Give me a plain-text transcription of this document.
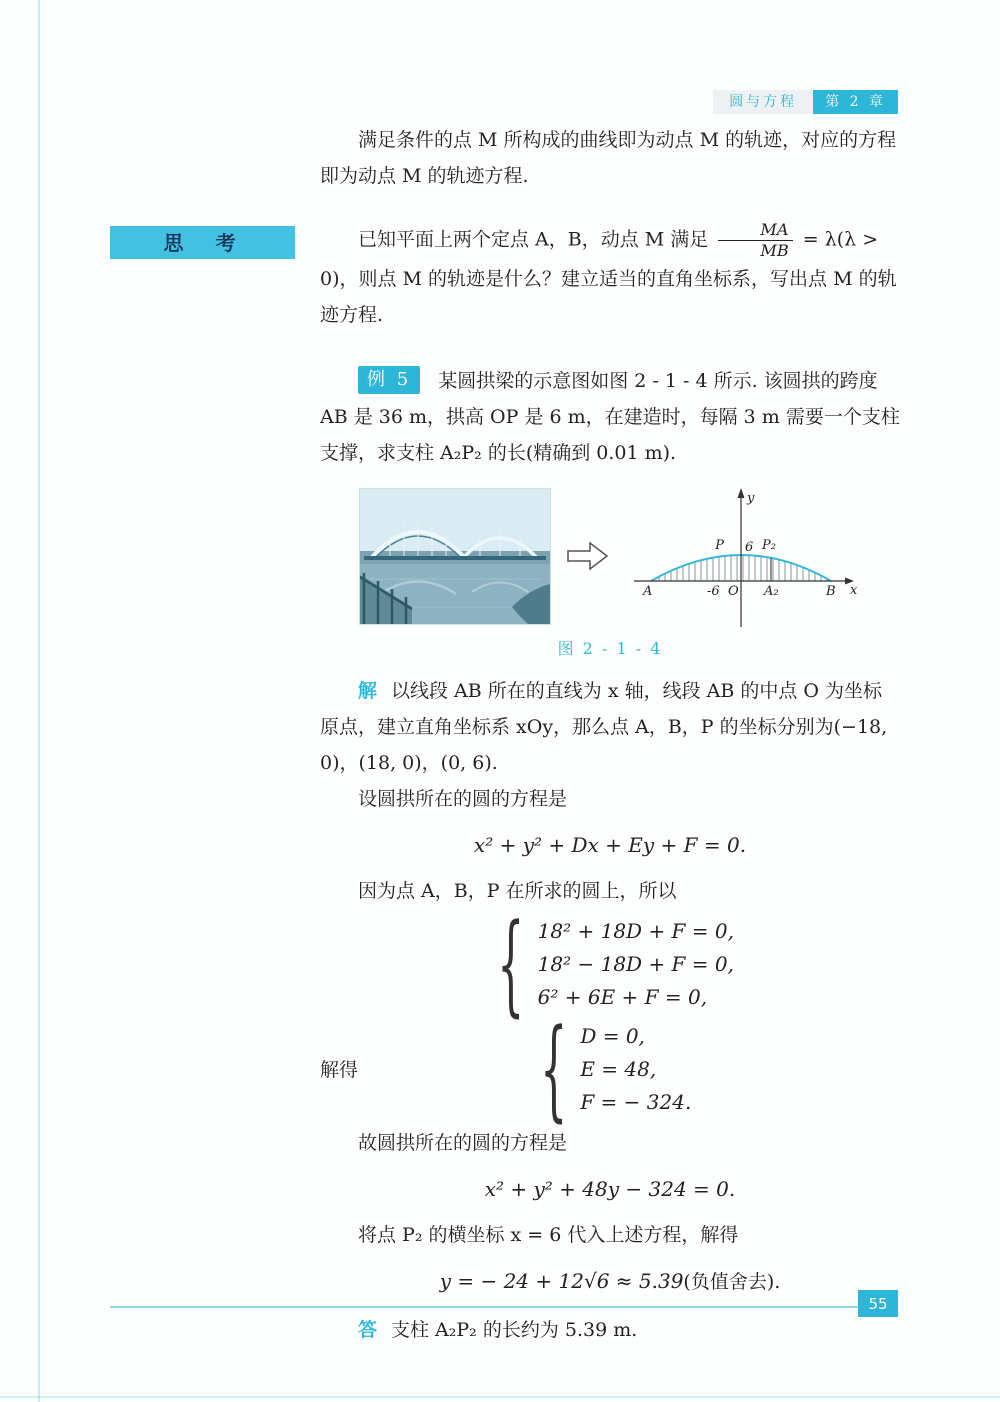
圆与方程	第 2 章

满足条件的点 M 所构成的曲线即为动点 M 的轨迹，对应的方程即为动点 M 的轨迹方程.

思　考	已知平面上两个定点 A，B，动点 M 满足 $\frac{MA}{MB} = \lambda(\lambda > 0)$，则点 M 的轨迹是什么？建立适当的直角坐标系，写出点 M 的轨迹方程.

例 5 某圆拱梁的示意图如图 2 - 1 - 4 所示. 该圆拱的跨度 AB 是 36 m，拱高 OP 是 6 m，在建造时，每隔 3 m 需要一个支柱支撑，求支柱 A₂P₂ 的长(精确到 0.01 m).

y
x
P 6 P₂
A	-6 O A₂	B
图 2 - 1 - 4

解 以线段 AB 所在的直线为 x 轴，线段 AB 的中点 O 为坐标原点，建立直角坐标系 xOy，那么点 A，B，P 的坐标分别为(−18, 0)，(18, 0)，(0, 6).

设圆拱所在的圆的方程是

x² + y² + Dx + Ey + F = 0.

因为点 A，B，P 在所求的圆上，所以

{ 18² + 18D + F = 0,
18² − 18D + F = 0,
6² + 6E + F = 0,
解得 { D = 0,
E = 48,
F = − 324.

故圆拱所在的圆的方程是

x² + y² + 48y − 324 = 0.

将点 P₂ 的横坐标 x = 6 代入上述方程，解得

y = − 24 + 12√6 ≈ 5.39(负值舍去).

答 支柱 A₂P₂ 的长约为 5.39 m.

55
